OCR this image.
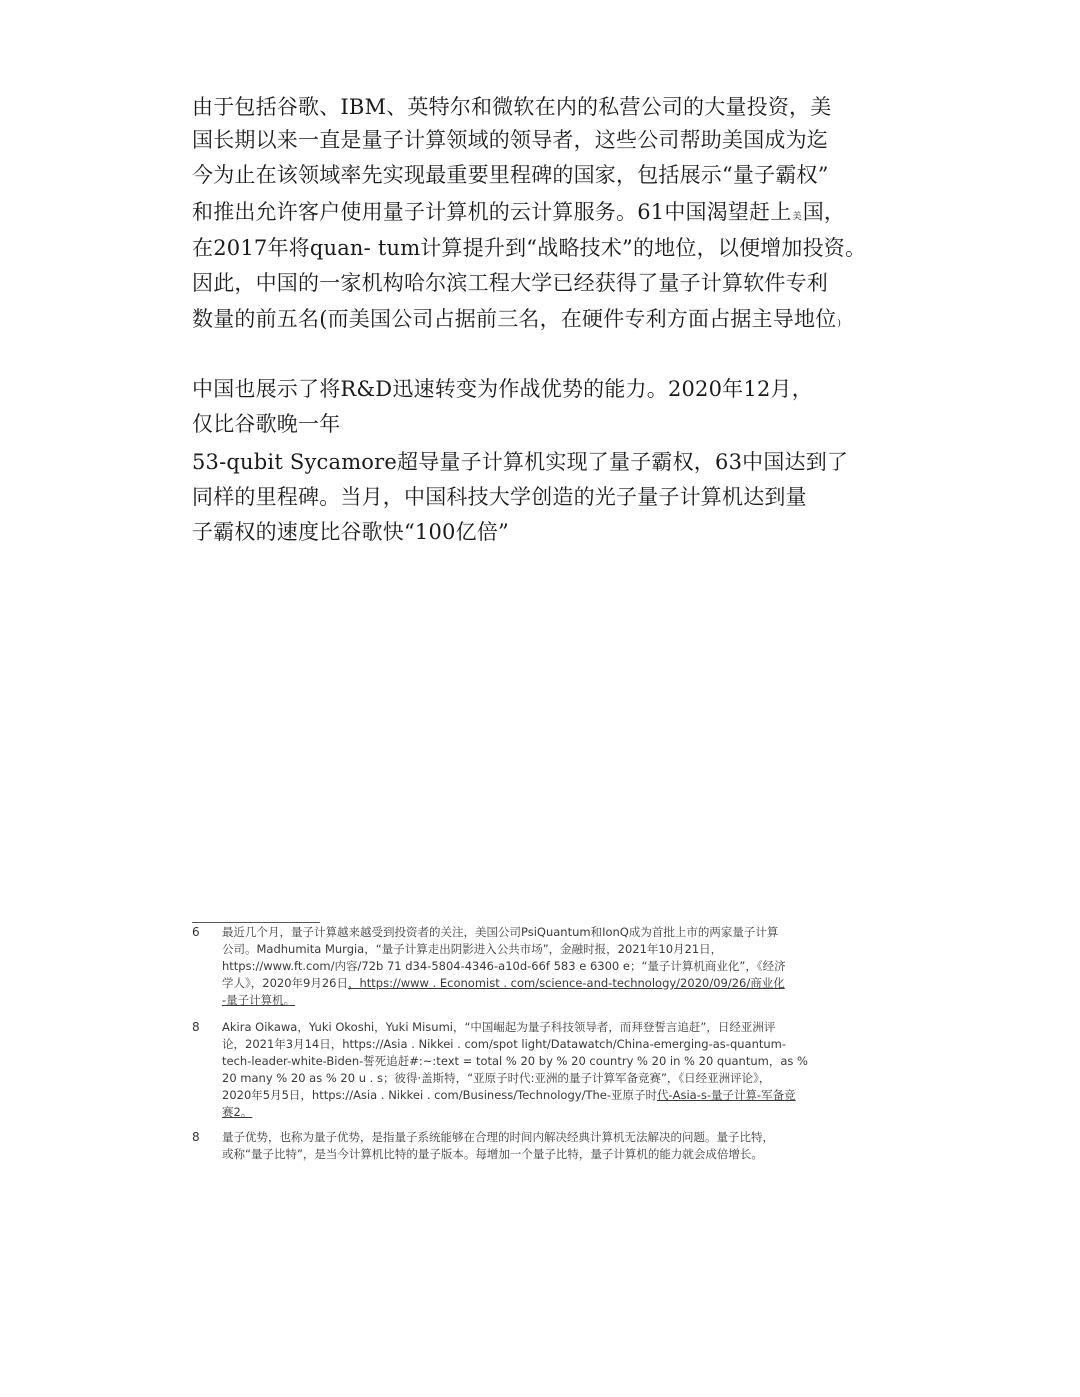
由于包括谷歌、IBM、英特尔和微软在内的私营公司的大量投资，美
国长期以来一直是量子计算领域的领导者，这些公司帮助美国成为迄
今为止在该领域率先实现最重要里程碑的国家，包括展示“量子霸权”
和推出允许客户使用量子计算机的云计算服务。61中国渴望赶上美国，
在2017年将quan- tum计算提升到“战略技术”的地位，以便增加投资。
因此，中国的一家机构哈尔滨工程大学已经获得了量子计算软件专利
数量的前五名(而美国公司占据前三名，在硬件专利方面占据主导地位)
中国也展示了将R&D迅速转变为作战优势的能力。2020年12月，
仅比谷歌晚一年
53-qubit Sycamore超导量子计算机实现了量子霸权，63中国达到了
同样的里程碑。当月，中国科技大学创造的光子量子计算机达到量
子霸权的速度比谷歌快“100亿倍”
6 最近几个月，量子计算越来越受到投资者的关注，美国公司PsiQuantum和IonQ成为首批上市的两家量子计算
公司。Madhumita Murgia，“量子计算走出阴影进入公共市场”，金融时报，2021年10月21日，
https://www.ft.com/内容/72b 71 d34-5804-4346-a10d-66f 583 e 6300 e；“量子计算机商业化”，《经济
学人》，2020年9月26日，https://www . Economist . com/science-and-technology/2020/09/26/商业化
-量子计算机。
8 Akira Oikawa，Yuki Okoshi，Yuki Misumi，“中国崛起为量子科技领导者，而拜登誓言追赶”，日经亚洲评
论，2021年3月14日，https://Asia . Nikkei . com/spot light/Datawatch/China-emerging-as-quantum-
tech-leader-white-Biden-誓死追赶#:~:text = total % 20 by % 20 country % 20 in % 20 quantum，as %
20 many % 20 as % 20 u . s；彼得·盖斯特，“亚原子时代:亚洲的量子计算军备竞赛”，《日经亚洲评论》，
2020年5月5日，https://Asia . Nikkei . com/Business/Technology/The-亚原子时代-Asia-s-量子计算-军备竞
赛2。
8 量子优势，也称为量子优势，是指量子系统能够在合理的时间内解决经典计算机无法解决的问题。量子比特，
或称“量子比特”，是当今计算机比特的量子版本。每增加一个量子比特，量子计算机的能力就会成倍增长。
